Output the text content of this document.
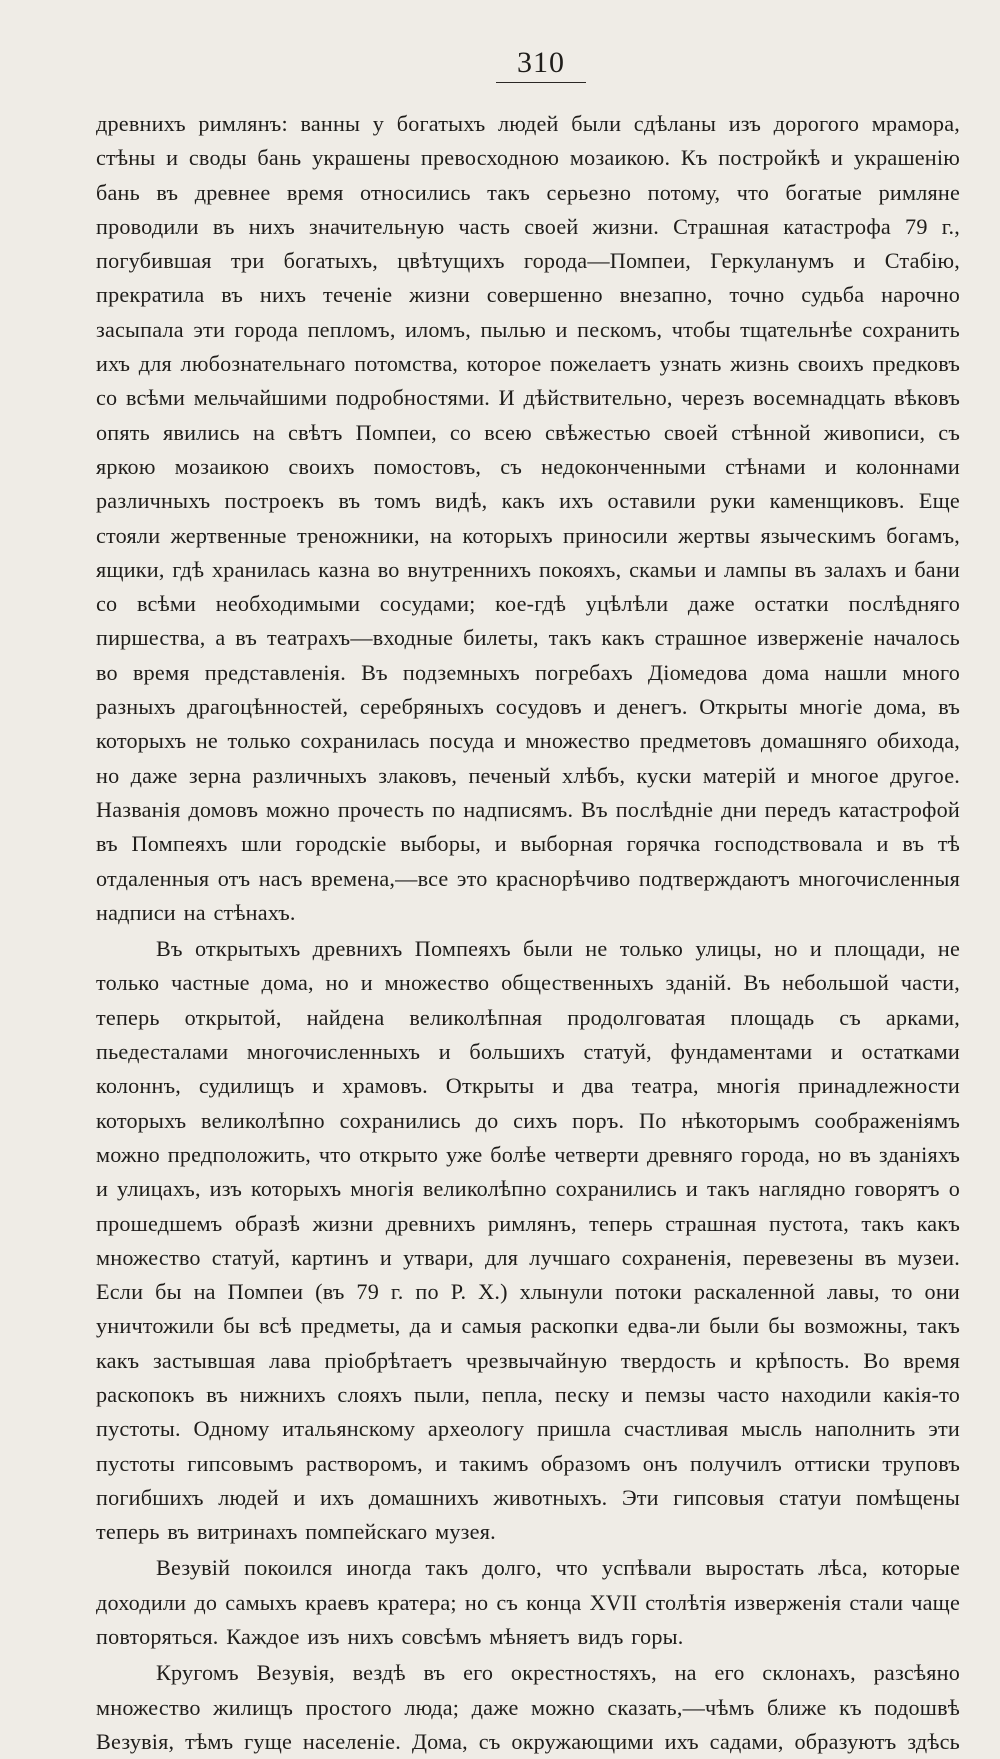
310

древнихъ римлянъ: ванны у богатыхъ людей были сдѣланы изъ дорогого мрамора, стѣны и своды бань украшены превосходною мозаикою. Къ постройкѣ и украшенію бань въ древнее время относились такъ серьезно потому, что богатые римляне проводили въ нихъ значительную часть своей жизни. Страшная катастрофа 79 г., погубившая три богатыхъ, цвѣтущихъ города—Помпеи, Геркуланумъ и Стабію, прекратила въ нихъ теченіе жизни совершенно внезапно, точно судьба нарочно засыпала эти города пепломъ, иломъ, пылью и пескомъ, чтобы тщательнѣе сохранить ихъ для любознательнаго потомства, которое пожелаетъ узнать жизнь своихъ предковъ со всѣми мельчайшими подробностями. И дѣйствительно, черезъ восемнадцать вѣковъ опять явились на свѣтъ Помпеи, со всею свѣжестью своей стѣнной живописи, съ яркою мозаикою своихъ помостовъ, съ недоконченными стѣнами и колоннами различныхъ построекъ въ томъ видѣ, какъ ихъ оставили руки каменщиковъ. Еще стояли жертвенные треножники, на которыхъ приносили жертвы языческимъ богамъ, ящики, гдѣ хранилась казна во внутреннихъ покояхъ, скамьи и лампы въ залахъ и бани со всѣми необходимыми сосудами; кое-гдѣ уцѣлѣли даже остатки послѣдняго пиршества, а въ театрахъ—входные билеты, такъ какъ страшное изверженіе началось во время представленія. Въ подземныхъ погребахъ Діомедова дома нашли много разныхъ драгоцѣнностей, серебряныхъ сосудовъ и денегъ. Открыты многіе дома, въ которыхъ не только сохранилась посуда и множество предметовъ домашняго обихода, но даже зерна различныхъ злаковъ, печеный хлѣбъ, куски матерій и многое другое. Названія домовъ можно прочесть по надписямъ. Въ послѣдніе дни передъ катастрофой въ Помпеяхъ шли городскіе выборы, и выборная горячка господствовала и въ тѣ отдаленныя отъ насъ времена,—все это краснорѣчиво подтверждаютъ многочисленныя надписи на стѣнахъ.

Въ открытыхъ древнихъ Помпеяхъ были не только улицы, но и площади, не только частные дома, но и множество общественныхъ зданій. Въ небольшой части, теперь открытой, найдена великолѣпная продолговатая площадь съ арками, пьедесталами многочисленныхъ и большихъ статуй, фундаментами и остатками колоннъ, судилищъ и храмовъ. Открыты и два театра, многія принадлежности которыхъ великолѣпно сохранились до сихъ поръ. По нѣкоторымъ соображеніямъ можно предположить, что открыто уже болѣе четверти древняго города, но въ зданіяхъ и улицахъ, изъ которыхъ многія великолѣпно сохранились и такъ наглядно говорятъ о прошедшемъ образѣ жизни древнихъ римлянъ, теперь страшная пустота, такъ какъ множество статуй, картинъ и утвари, для лучшаго сохраненія, перевезены въ музеи. Если бы на Помпеи (въ 79 г. по Р. Х.) хлынули потоки раскаленной лавы, то они уничтожили бы всѣ предметы, да и самыя раскопки едва-ли были бы возможны, такъ какъ застывшая лава пріобрѣтаетъ чрезвычайную твердость и крѣпость. Во время раскопокъ въ нижнихъ слояхъ пыли, пепла, песку и пемзы часто находили какія-то пустоты. Одному итальянскому археологу пришла счастливая мысль наполнить эти пустоты гипсовымъ растворомъ, и такимъ образомъ онъ получилъ оттиски труповъ погибшихъ людей и ихъ домашнихъ животныхъ. Эти гипсовыя статуи помѣщены теперь въ витринахъ помпейскаго музея.

Везувій покоился иногда такъ долго, что успѣвали выростать лѣса, которые доходили до самыхъ краевъ кратера; но съ конца XVII столѣтія изверженія стали чаще повторяться. Каждое изъ нихъ совсѣмъ мѣняетъ видъ горы.

Кругомъ Везувія, вездѣ въ его окрестностяхъ, на его склонахъ, разсѣяно множество жилищъ простого люда; даже можно сказать,—чѣмъ ближе къ подошвѣ Везувія, тѣмъ гуще населеніе. Дома, съ окружающими ихъ садами, образуютъ здѣсь
